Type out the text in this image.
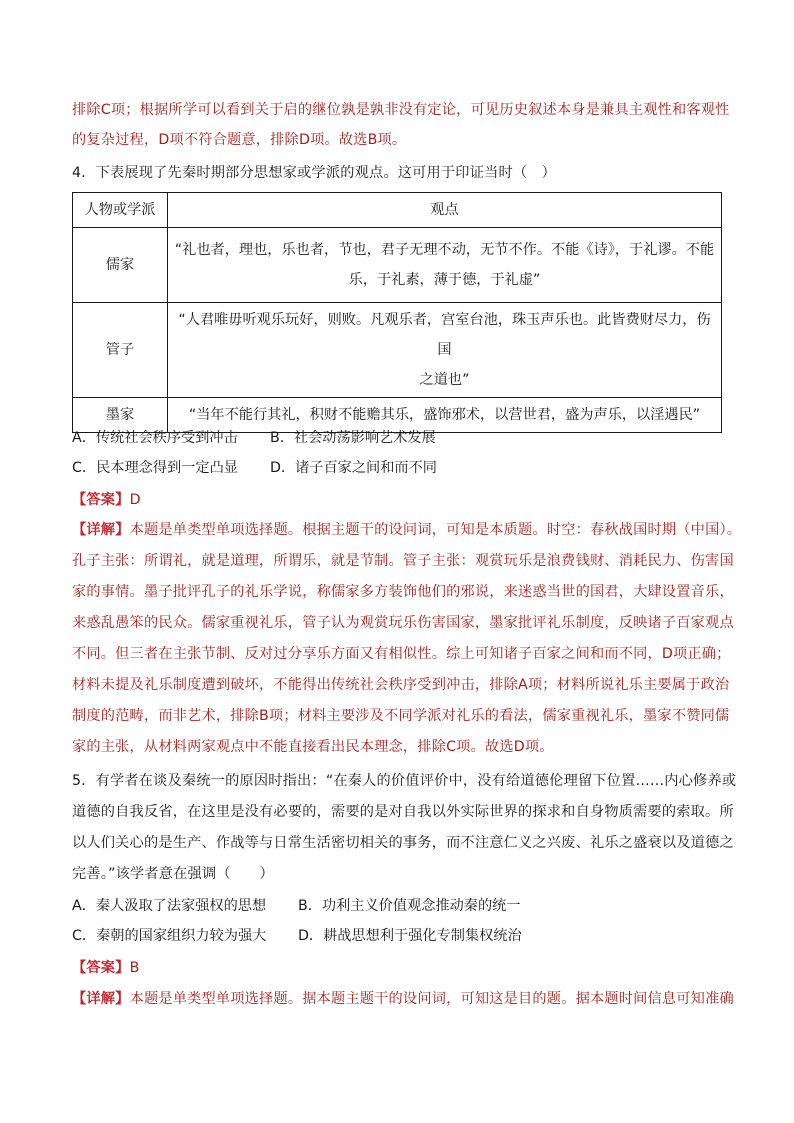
排除C项；根据所学可以看到关于启的继位孰是孰非没有定论，可见历史叙述本身是兼具主观性和客观性
的复杂过程，D项不符合题意，排除D项。故选B项。
4．下表展现了先秦时期部分思想家或学派的观点。这可用于印证当时（　）
人物或学派	观点
儒家	“礼也者，理也，乐也者，节也，君子无理不动，无节不作。不能《诗》，于礼谬。不能
乐，于礼素，薄于德，于礼虚”

管子	“人君唯毋听观乐玩好，则败。凡观乐者，宫室台池，珠玉声乐也。此皆费财尽力，伤国
之道也”

墨家	“当年不能行其礼，积财不能赡其乐，盛饰邪术，以营世君，盛为声乐，以淫遇民”
A．传统社会秩序受到冲击 B．社会动荡影响艺术发展
C．民本理念得到一定凸显 D．诸子百家之间和而不同
【答案】D
【详解】本题是单类型单项选择题。根据主题干的设问词，可知是本质题。时空：春秋战国时期（中国）。
孔子主张：所谓礼，就是道理，所谓乐，就是节制。管子主张：观赏玩乐是浪费钱财、消耗民力、伤害国
家的事情。墨子批评孔子的礼乐学说，称儒家多方装饰他们的邪说，来迷惑当世的国君，大肆设置音乐，
来惑乱愚笨的民众。儒家重视礼乐，管子认为观赏玩乐伤害国家，墨家批评礼乐制度，反映诸子百家观点
不同。但三者在主张节制、反对过分享乐方面又有相似性。综上可知诸子百家之间和而不同，D项正确；
材料未提及礼乐制度遭到破坏，不能得出传统社会秩序受到冲击，排除A项；材料所说礼乐主要属于政治
制度的范畴，而非艺术，排除B项；材料主要涉及不同学派对礼乐的看法，儒家重视礼乐，墨家不赞同儒
家的主张，从材料两家观点中不能直接看出民本理念，排除C项。故选D项。
5．有学者在谈及秦统一的原因时指出：“在秦人的价值评价中，没有给道德伦理留下位置……内心修养或
道德的自我反省，在这里是没有必要的，需要的是对自我以外实际世界的探求和自身物质需要的索取。所
以人们关心的是生产、作战等与日常生活密切相关的事务，而不注意仁义之兴废、礼乐之盛衰以及道德之
完善。”该学者意在强调（　　）
A．秦人汲取了法家强权的思想 B．功利主义价值观念推动秦的统一
C．秦朝的国家组织力较为强大 D．耕战思想利于强化专制集权统治
【答案】B
【详解】本题是单类型单项选择题。据本题主题干的设问词，可知这是目的题。据本题时间信息可知准确
